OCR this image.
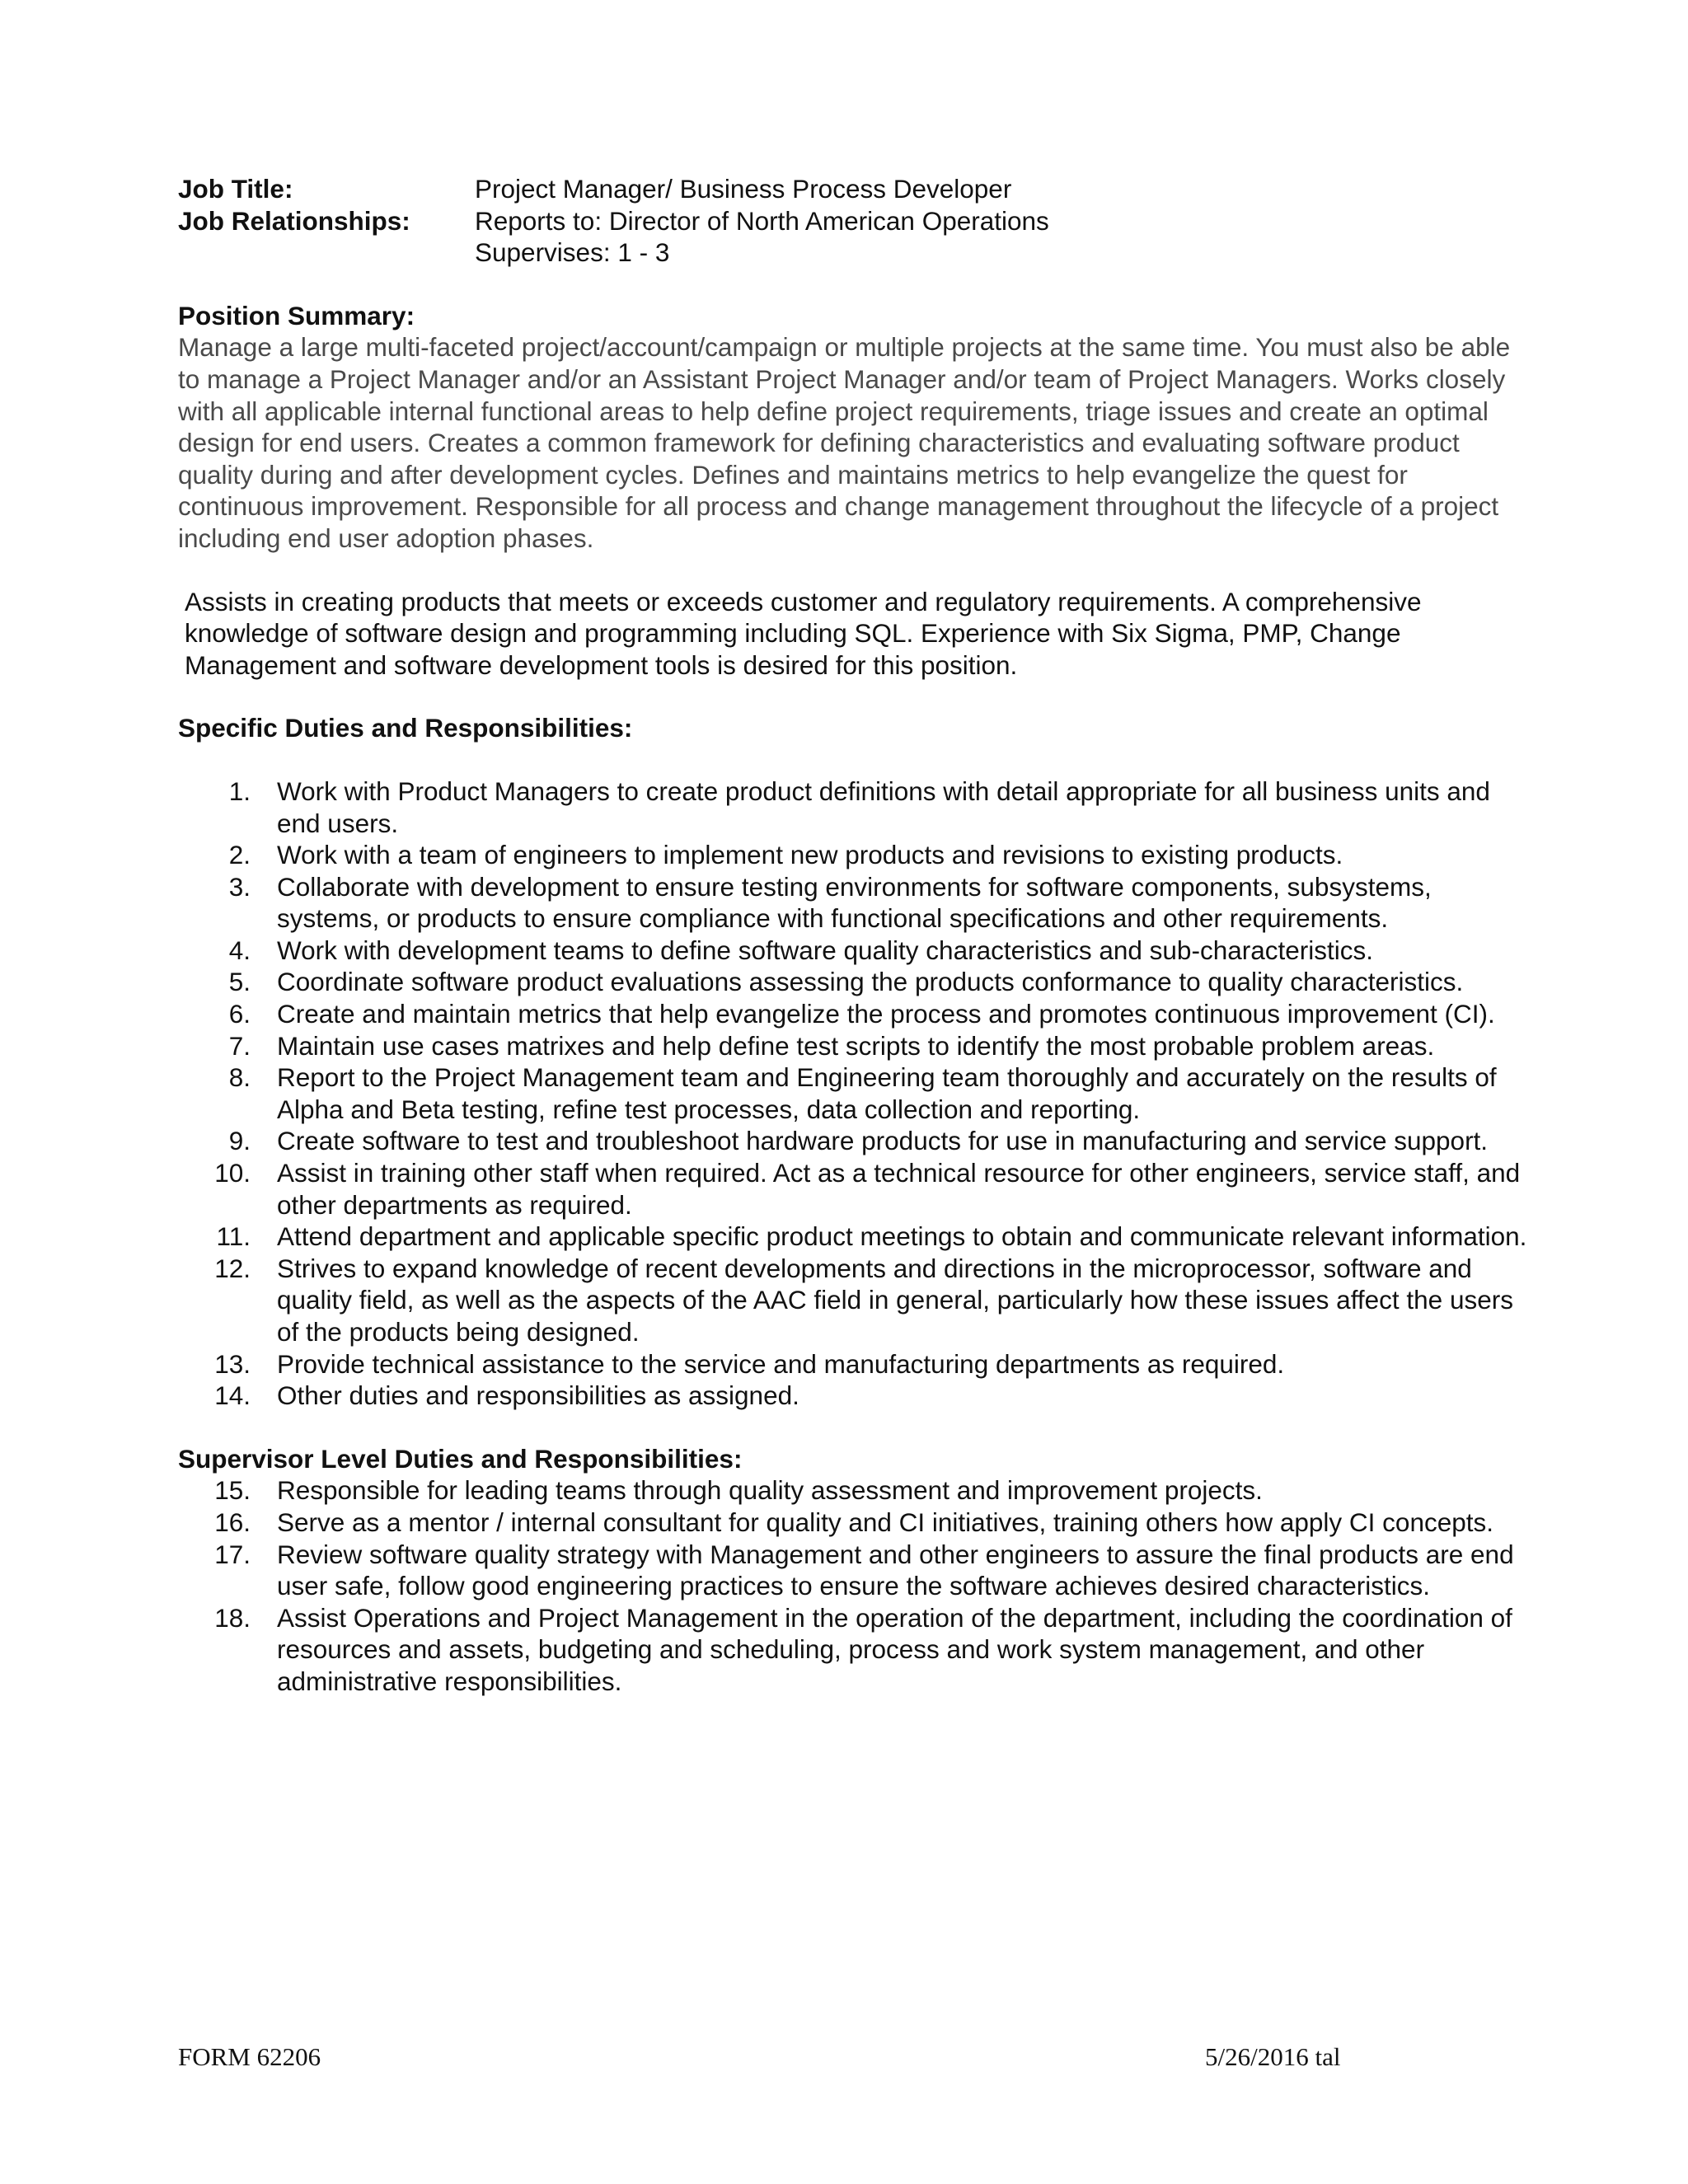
Job Title:	Project Manager/ Business Process Developer
Job Relationships:	Reports to: Director of North American Operations
Supervises: 1 - 3
Position Summary:
Manage a large multi-faceted project/account/campaign or multiple projects at the same time. You must also be able to manage a Project Manager and/or an Assistant Project Manager and/or team of Project Managers. Works closely with all applicable internal functional areas to help define project requirements, triage issues and create an optimal design for end users. Creates a common framework for defining characteristics and evaluating software product quality during and after development cycles. Defines and maintains metrics to help evangelize the quest for continuous improvement. Responsible for all process and change management throughout the lifecycle of a project including end user adoption phases.
Assists in creating products that meets or exceeds customer and regulatory requirements. A comprehensive knowledge of software design and programming including SQL. Experience with Six Sigma, PMP, Change Management and software development tools is desired for this position.
Specific Duties and Responsibilities:
1. Work with Product Managers to create product definitions with detail appropriate for all business units and end users.
2. Work with a team of engineers to implement new products and revisions to existing products.
3. Collaborate with development to ensure testing environments for software components, subsystems, systems, or products to ensure compliance with functional specifications and other requirements.
4. Work with development teams to define software quality characteristics and sub-characteristics.
5. Coordinate software product evaluations assessing the products conformance to quality characteristics.
6. Create and maintain metrics that help evangelize the process and promotes continuous improvement (CI).
7. Maintain use cases matrixes and help define test scripts to identify the most probable problem areas.
8. Report to the Project Management team and Engineering team thoroughly and accurately on the results of Alpha and Beta testing, refine test processes, data collection and reporting.
9. Create software to test and troubleshoot hardware products for use in manufacturing and service support.
10. Assist in training other staff when required. Act as a technical resource for other engineers, service staff, and other departments as required.
11. Attend department and applicable specific product meetings to obtain and communicate relevant information.
12. Strives to expand knowledge of recent developments and directions in the microprocessor, software and quality field, as well as the aspects of the AAC field in general, particularly how these issues affect the users of the products being designed.
13. Provide technical assistance to the service and manufacturing departments as required.
14. Other duties and responsibilities as assigned.
Supervisor Level Duties and Responsibilities:
15. Responsible for leading teams through quality assessment and improvement projects.
16. Serve as a mentor / internal consultant for quality and CI initiatives, training others how apply CI concepts.
17. Review software quality strategy with Management and other engineers to assure the final products are end user safe, follow good engineering practices to ensure the software achieves desired characteristics.
18. Assist Operations and Project Management in the operation of the department, including the coordination of resources and assets, budgeting and scheduling, process and work system management, and other administrative responsibilities.
FORM 62206	5/26/2016 tal
